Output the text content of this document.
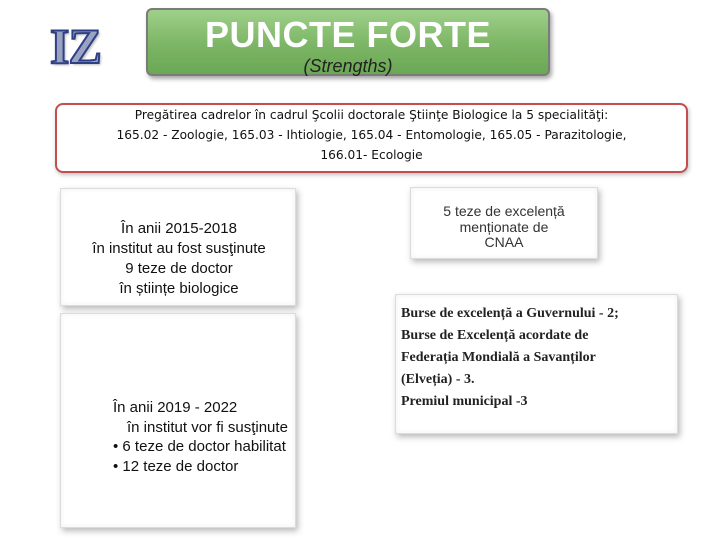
IZ	PUNCTE FORTE
(Strengths)
Pregătirea cadrelor în cadrul Şcolii doctorale Ştiinţe Biologice la 5 specialităţi:
165.02 - Zoologie, 165.03 - Ihtiologie, 165.04 - Entomologie, 165.05 - Parazitologie,
166.01- Ecologie
În anii 2015-2018
în institut au fost susţinute
9 teze de doctor
în științe biologice
În anii 2019 - 2022
în institut vor fi susţinute
• 6 teze de doctor habilitat
• 12 teze de doctor
5 teze de excelență
menționate de
CNAA
Burse de excelență a Guvernului - 2;
Burse de Excelență acordate de
Federația Mondială a Savanților
(Elveția) - 3.
Premiul municipal -3
